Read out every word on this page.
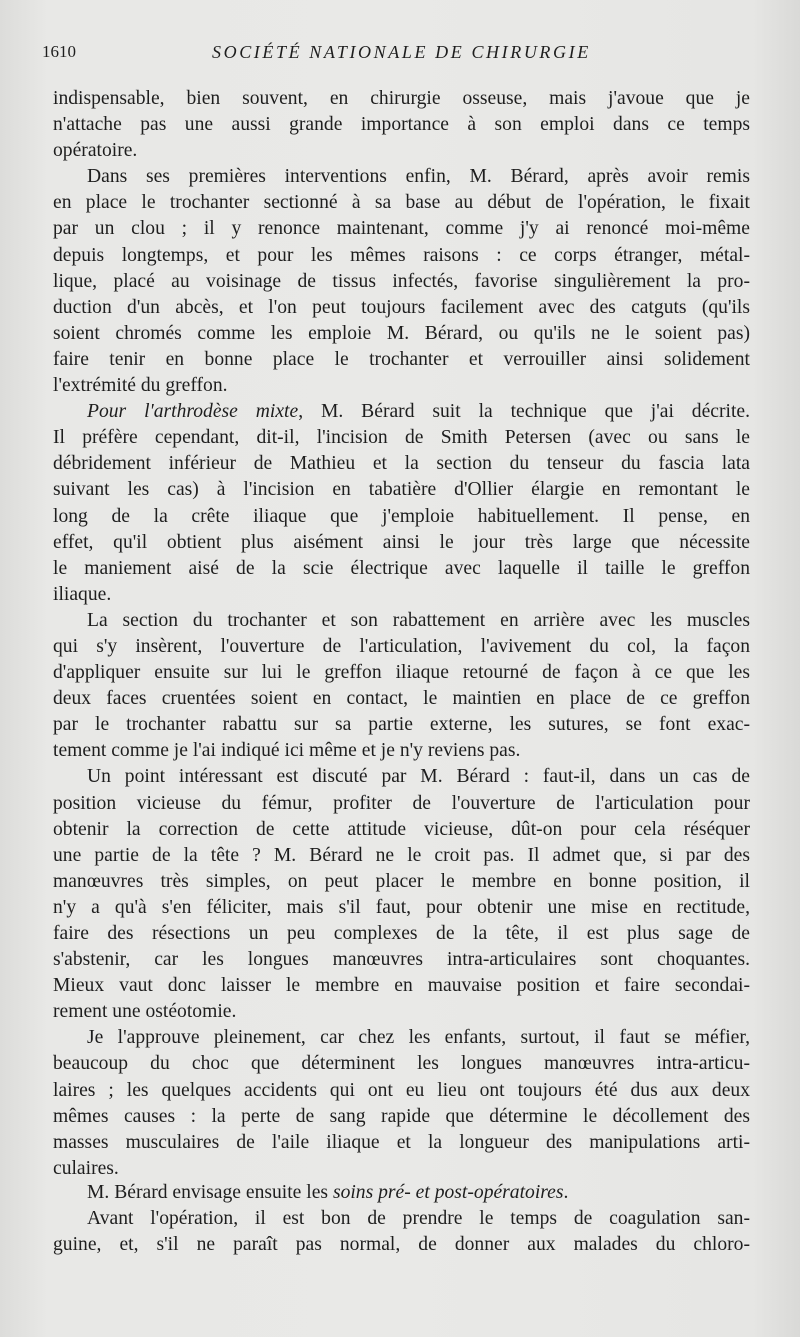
1610	SOCIÉTÉ NATIONALE DE CHIRURGIE

indispensable, bien souvent, en chirurgie osseuse, mais j'avoue que je
n'attache pas une aussi grande importance à son emploi dans ce temps
opératoire.

Dans ses premières interventions enfin, M. Bérard, après avoir remis
en place le trochanter sectionné à sa base au début de l'opération, le fixait
par un clou ; il y renonce maintenant, comme j'y ai renoncé moi-même
depuis longtemps, et pour les mêmes raisons : ce corps étranger, métal-
lique, placé au voisinage de tissus infectés, favorise singulièrement la pro-
duction d'un abcès, et l'on peut toujours facilement avec des catguts (qu'ils
soient chromés comme les emploie M. Bérard, ou qu'ils ne le soient pas)
faire tenir en bonne place le trochanter et verrouiller ainsi solidement
l'extrémité du greffon.

Pour l'arthrodèse mixte, M. Bérard suit la technique que j'ai décrite.
Il préfère cependant, dit-il, l'incision de Smith Petersen (avec ou sans le
débridement inférieur de Mathieu et la section du tenseur du fascia lata
suivant les cas) à l'incision en tabatière d'Ollier élargie en remontant le
long de la crête iliaque que j'emploie habituellement. Il pense, en
effet, qu'il obtient plus aisément ainsi le jour très large que nécessite
le maniement aisé de la scie électrique avec laquelle il taille le greffon
iliaque.

La section du trochanter et son rabattement en arrière avec les muscles
qui s'y insèrent, l'ouverture de l'articulation, l'avivement du col, la façon
d'appliquer ensuite sur lui le greffon iliaque retourné de façon à ce que les
deux faces cruentées soient en contact, le maintien en place de ce greffon
par le trochanter rabattu sur sa partie externe, les sutures, se font exac-
tement comme je l'ai indiqué ici même et je n'y reviens pas.

Un point intéressant est discuté par M. Bérard : faut-il, dans un cas de
position vicieuse du fémur, profiter de l'ouverture de l'articulation pour
obtenir la correction de cette attitude vicieuse, dût-on pour cela réséquer
une partie de la tête ? M. Bérard ne le croit pas. Il admet que, si par des
manœuvres très simples, on peut placer le membre en bonne position, il
n'y a qu'à s'en féliciter, mais s'il faut, pour obtenir une mise en rectitude,
faire des résections un peu complexes de la tête, il est plus sage de
s'abstenir, car les longues manœuvres intra-articulaires sont choquantes.
Mieux vaut donc laisser le membre en mauvaise position et faire secondai-
rement une ostéotomie.

Je l'approuve pleinement, car chez les enfants, surtout, il faut se méfier,
beaucoup du choc que déterminent les longues manœuvres intra-articu-
laires ; les quelques accidents qui ont eu lieu ont toujours été dus aux deux
mêmes causes : la perte de sang rapide que détermine le décollement des
masses musculaires de l'aile iliaque et la longueur des manipulations arti-
culaires.

M. Bérard envisage ensuite les soins pré- et post-opératoires.
Avant l'opération, il est bon de prendre le temps de coagulation san-
guine, et, s'il ne paraît pas normal, de donner aux malades du chloro-
